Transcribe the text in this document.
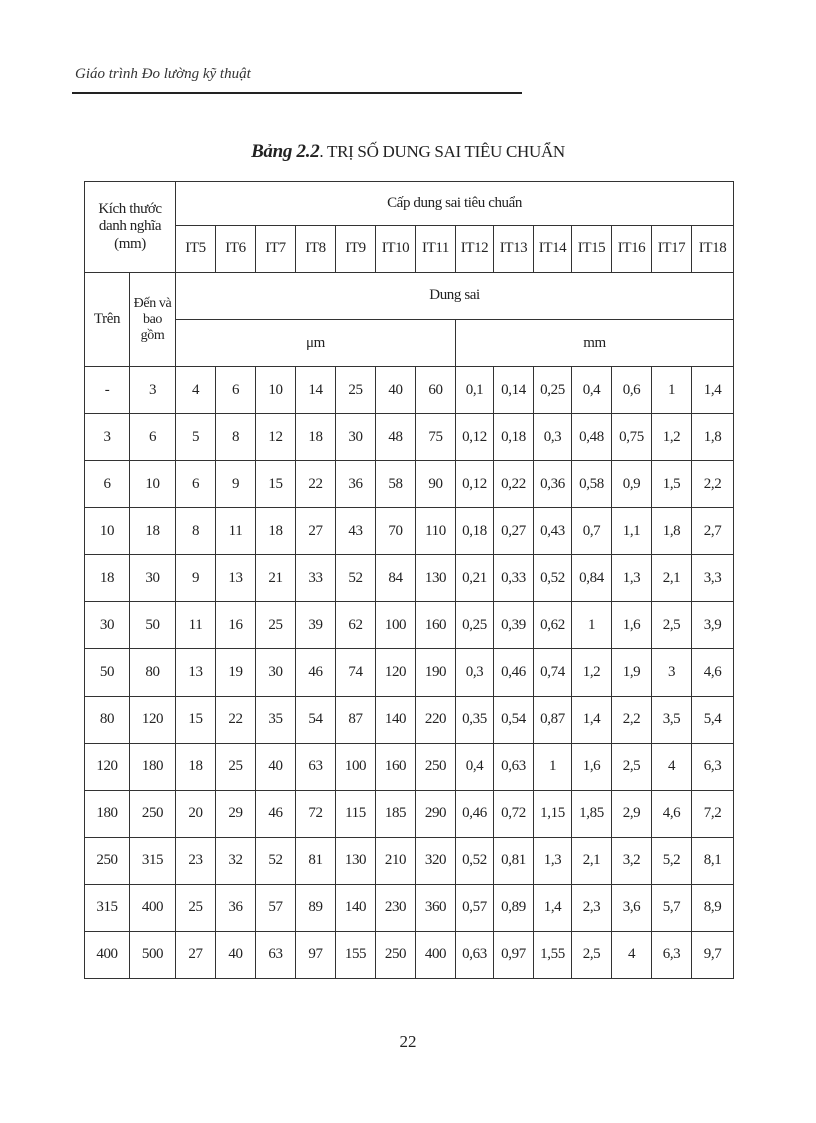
Giáo trình Đo lường kỹ thuật
Bảng 2.2. TRỊ SỐ DUNG SAI TIÊU CHUẨN
Kích thước danh nghĩa (mm)		Cấp dung sai tiêu chuẩn													
		IT5	IT6	IT7	IT8	IT9	IT10	IT11	IT12	IT13	IT14	IT15	IT16	IT17	IT18
Trên	Đến và bao gồm	Dung sai													
		μm							mm						
-	3	4	6	10	14	25	40	60	0,1	0,14	0,25	0,4	0,6	1	1,4
3	6	5	8	12	18	30	48	75	0,12	0,18	0,3	0,48	0,75	1,2	1,8
6	10	6	9	15	22	36	58	90	0,12	0,22	0,36	0,58	0,9	1,5	2,2
10	18	8	11	18	27	43	70	110	0,18	0,27	0,43	0,7	1,1	1,8	2,7
18	30	9	13	21	33	52	84	130	0,21	0,33	0,52	0,84	1,3	2,1	3,3
30	50	11	16	25	39	62	100	160	0,25	0,39	0,62	1	1,6	2,5	3,9
50	80	13	19	30	46	74	120	190	0,3	0,46	0,74	1,2	1,9	3	4,6
80	120	15	22	35	54	87	140	220	0,35	0,54	0,87	1,4	2,2	3,5	5,4
120	180	18	25	40	63	100	160	250	0,4	0,63	1	1,6	2,5	4	6,3
180	250	20	29	46	72	115	185	290	0,46	0,72	1,15	1,85	2,9	4,6	7,2
250	315	23	32	52	81	130	210	320	0,52	0,81	1,3	2,1	3,2	5,2	8,1
315	400	25	36	57	89	140	230	360	0,57	0,89	1,4	2,3	3,6	5,7	8,9
400	500	27	40	63	97	155	250	400	0,63	0,97	1,55	2,5	4	6,3	9,7
22
